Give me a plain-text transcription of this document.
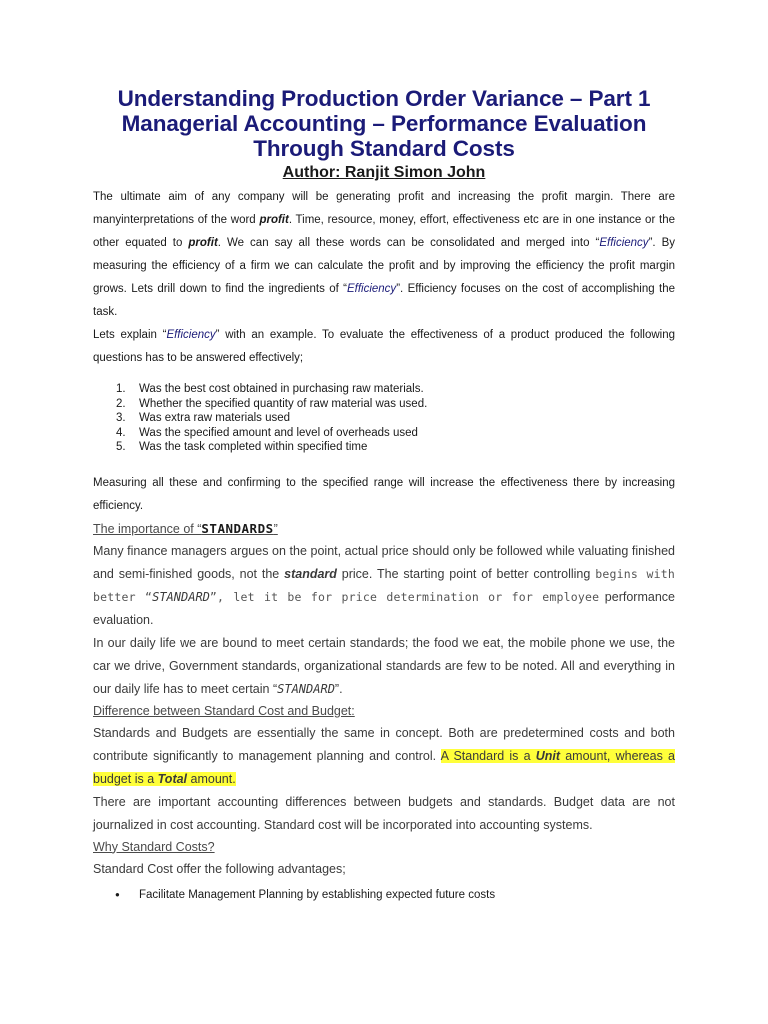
Understanding Production Order Variance – Part 1
Managerial Accounting – Performance Evaluation
Through Standard Costs
Author: Ranjit Simon John

The ultimate aim of any company will be generating profit and increasing the profit margin. There are manyinterpretations of the word profit. Time, resource, money, effort, effectiveness etc are in one instance or the other equated to profit. We can say all these words can be consolidated and merged into “Efficiency”. By measuring the efficiency of a firm we can calculate the profit and by improving the efficiency the profit margin grows. Lets drill down to find the ingredients of “Efficiency”. Efficiency focuses on the cost of accomplishing the task.

Lets explain “Efficiency” with an example. To evaluate the effectiveness of a product produced the following questions has to be answered effectively;

1.	Was the best cost obtained in purchasing raw materials.
2.	Whether the specified quantity of raw material was used.
3.	Was extra raw materials used
4.	Was the specified amount and level of overheads used
5.	Was the task completed within specified time

Measuring all these and confirming to the specified range will increase the effectiveness there by increasing efficiency.

The importance of “STANDARDS”

Many finance managers argues on the point, actual price should only be followed while valuating finished and semi-finished goods, not the standard price. The starting point of better controlling begins with better “STANDARD”, let it be for price determination or for employee performance evaluation.

In our daily life we are bound to meet certain standards; the food we eat, the mobile phone we use, the car we drive, Government standards, organizational standards are few to be noted. All and everything in our daily life has to meet certain “STANDARD”.

Difference between Standard Cost and Budget:

Standards and Budgets are essentially the same in concept. Both are predetermined costs and both contribute significantly to management planning and control. A Standard is a Unit amount, whereas a budget is a Total amount.

There are important accounting differences between budgets and standards. Budget data are not journalized in cost accounting. Standard cost will be incorporated into accounting systems.

Why Standard Costs?

Standard Cost offer the following advantages;

●	Facilitate Management Planning by establishing expected future costs
